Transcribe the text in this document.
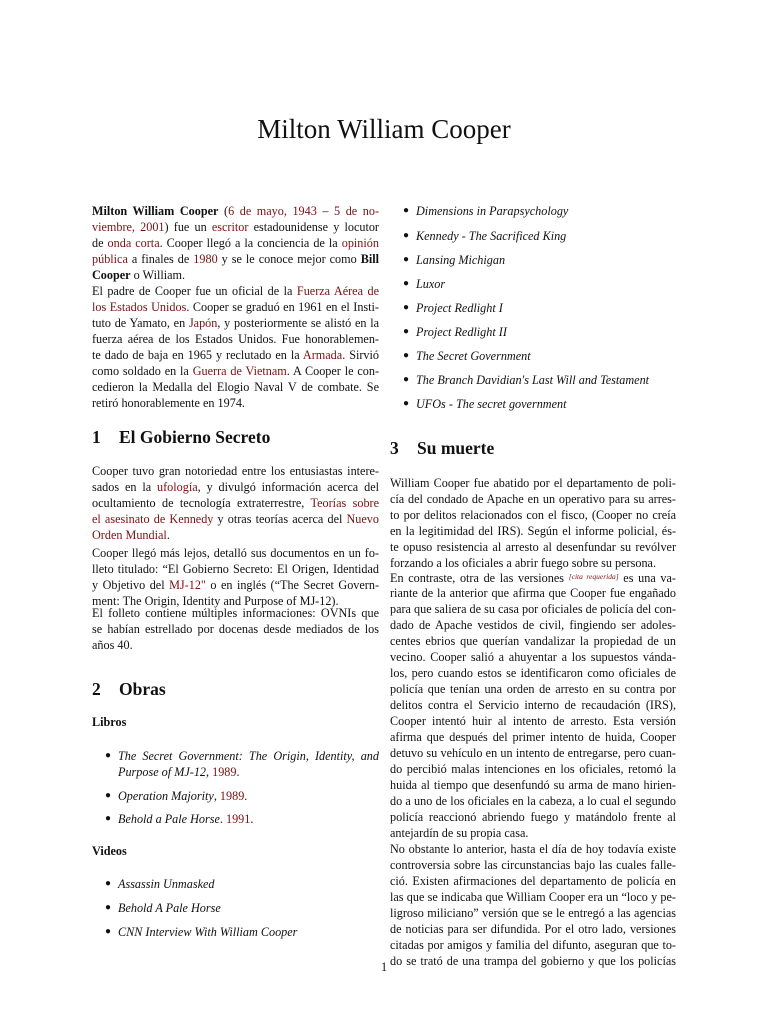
Milton William Cooper
Milton William Cooper (6 de mayo, 1943 – 5 de no-
viembre, 2001) fue un escritor estadounidense y locutor
de onda corta. Cooper llegó a la conciencia de la opinión
pública a finales de 1980 y se le conoce mejor como Bill
Cooper o William.
El padre de Cooper fue un oficial de la Fuerza Aérea de
los Estados Unidos. Cooper se graduó en 1961 en el Insti-
tuto de Yamato, en Japón, y posteriormente se alistó en la
fuerza aérea de los Estados Unidos. Fue honorablemen-
te dado de baja en 1965 y reclutado en la Armada. Sirvió
como soldado en la Guerra de Vietnam. A Cooper le con-
cedieron la Medalla del Elogio Naval V de combate. Se
retiró honorablemente en 1974.
1 El Gobierno Secreto
Cooper tuvo gran notoriedad entre los entusiastas intere-
sados en la ufología, y divulgó información acerca del
ocultamiento de tecnología extraterrestre, Teorías sobre
el asesinato de Kennedy y otras teorías acerca del Nuevo
Orden Mundial.
Cooper llegó más lejos, detalló sus documentos en un fo-
lleto titulado: “El Gobierno Secreto: El Origen, Identidad
y Objetivo del MJ-12" o en inglés (“The Secret Govern-
ment: The Origin, Identity and Purpose of MJ-12).
El folleto contiene múltiples informaciones: OVNIs que
se habían estrellado por docenas desde mediados de los
años 40.
2 Obras
Libros
● The Secret Government: The Origin, Identity, and
Purpose of MJ-12, 1989.
● Operation Majority, 1989.
● Behold a Pale Horse. 1991.
Videos
● Assassin Unmasked
● Behold A Pale Horse
● CNN Interview With William Cooper
● Dimensions in Parapsychology
● Kennedy - The Sacrificed King
● Lansing Michigan
● Luxor
● Project Redlight I
● Project Redlight II
● The Secret Government
● The Branch Davidian's Last Will and Testament
● UFOs - The secret government
3 Su muerte
William Cooper fue abatido por el departamento de poli-
cía del condado de Apache en un operativo para su arres-
to por delitos relacionados con el fisco, (Cooper no creía
en la legitimidad del IRS). Según el informe policial, és-
te opuso resistencia al arresto al desenfundar su revólver
forzando a los oficiales a abrir fuego sobre su persona.
En contraste, otra de las versiones [cita requerida] es una va-
riante de la anterior que afirma que Cooper fue engañado
para que saliera de su casa por oficiales de policía del con-
dado de Apache vestidos de civil, fingiendo ser adoles-
centes ebrios que querían vandalizar la propiedad de un
vecino. Cooper salió a ahuyentar a los supuestos vánda-
los, pero cuando estos se identificaron como oficiales de
policía que tenían una orden de arresto en su contra por
delitos contra el Servicio interno de recaudación (IRS),
Cooper intentó huir al intento de arresto. Esta versión
afirma que después del primer intento de huida, Cooper
detuvo su vehículo en un intento de entregarse, pero cuan-
do percibió malas intenciones en los oficiales, retomó la
huida al tiempo que desenfundó su arma de mano hirien-
do a uno de los oficiales en la cabeza, a lo cual el segundo
policía reaccionó abriendo fuego y matándolo frente al
antejardín de su propia casa.
No obstante lo anterior, hasta el día de hoy todavía existe
controversia sobre las circunstancias bajo las cuales falle-
ció. Existen afirmaciones del departamento de policía en
las que se indicaba que William Cooper era un “loco y pe-
ligroso miliciano” versión que se le entregó a las agencias
de noticias para ser difundida. Por el otro lado, versiones
citadas por amigos y familia del difunto, aseguran que to-
do se trató de una trampa del gobierno y que los policías
1
